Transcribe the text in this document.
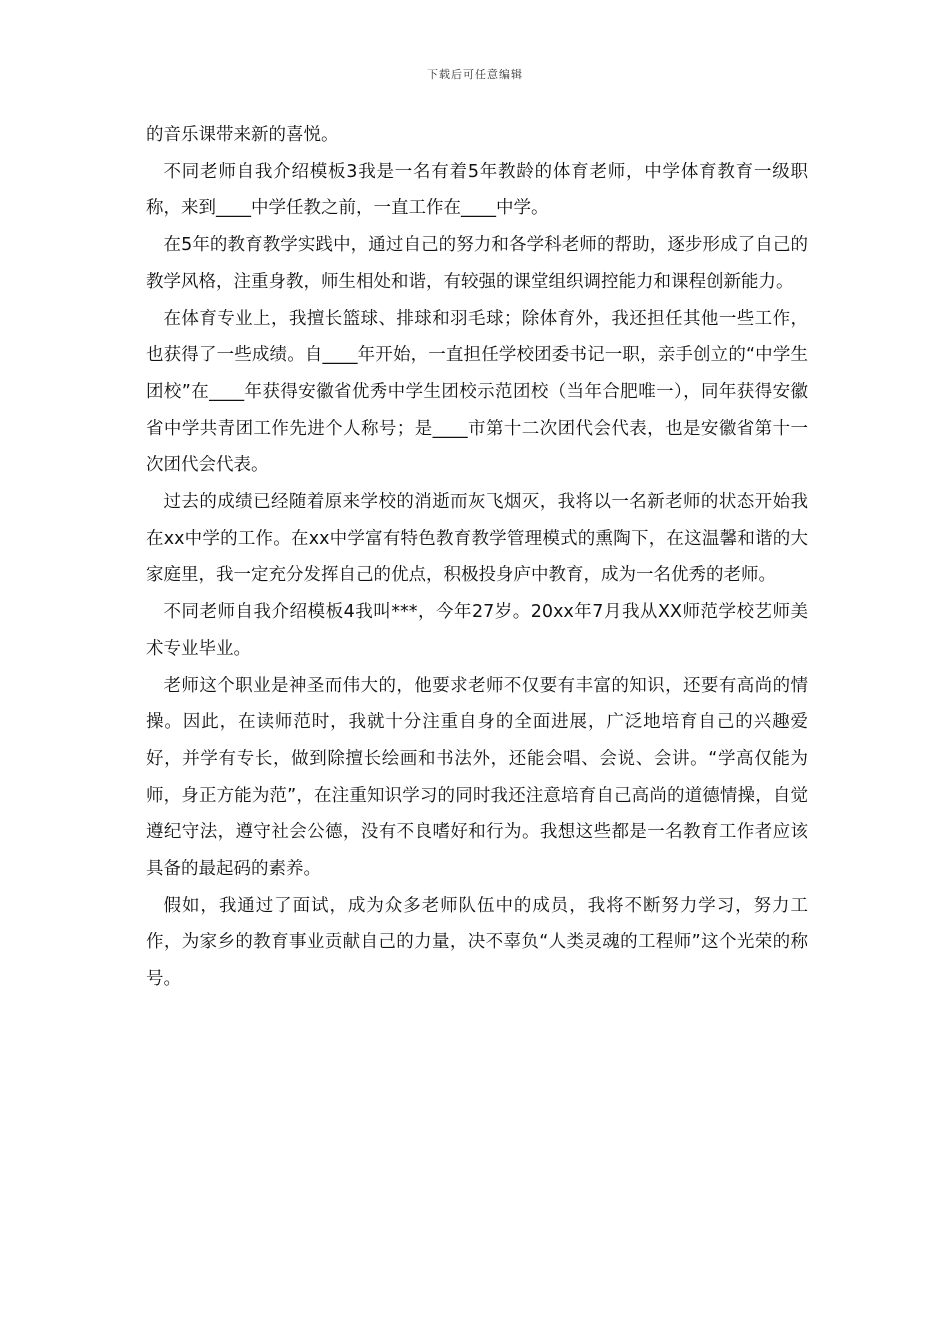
下载后可任意编辑

的音乐课带来新的喜悦。

不同老师自我介绍模板3我是一名有着5年教龄的体育老师，中学体育教育一级职称，来到____中学任教之前，一直工作在____中学。

在5年的教育教学实践中，通过自己的努力和各学科老师的帮助，逐步形成了自己的教学风格，注重身教，师生相处和谐，有较强的课堂组织调控能力和课程创新能力。

在体育专业上，我擅长篮球、排球和羽毛球；除体育外，我还担任其他一些工作，也获得了一些成绩。自____年开始，一直担任学校团委书记一职，亲手创立的“中学生团校”在____年获得安徽省优秀中学生团校示范团校（当年合肥唯一），同年获得安徽省中学共青团工作先进个人称号；是____市第十二次团代会代表，也是安徽省第十一次团代会代表。

过去的成绩已经随着原来学校的消逝而灰飞烟灭，我将以一名新老师的状态开始我在xx中学的工作。在xx中学富有特色教育教学管理模式的熏陶下，在这温馨和谐的大家庭里，我一定充分发挥自己的优点，积极投身庐中教育，成为一名优秀的老师。

不同老师自我介绍模板4我叫***，今年27岁。20xx年7月我从XX师范学校艺师美术专业毕业。

老师这个职业是神圣而伟大的，他要求老师不仅要有丰富的知识，还要有高尚的情操。因此，在读师范时，我就十分注重自身的全面进展，广泛地培育自己的兴趣爱好，并学有专长，做到除擅长绘画和书法外，还能会唱、会说、会讲。“学高仅能为师，身正方能为范”，在注重知识学习的同时我还注意培育自己高尚的道德情操，自觉遵纪守法，遵守社会公德，没有不良嗜好和行为。我想这些都是一名教育工作者应该具备的最起码的素养。

假如，我通过了面试，成为众多老师队伍中的成员，我将不断努力学习，努力工作，为家乡的教育事业贡献自己的力量，决不辜负“人类灵魂的工程师”这个光荣的称号。
